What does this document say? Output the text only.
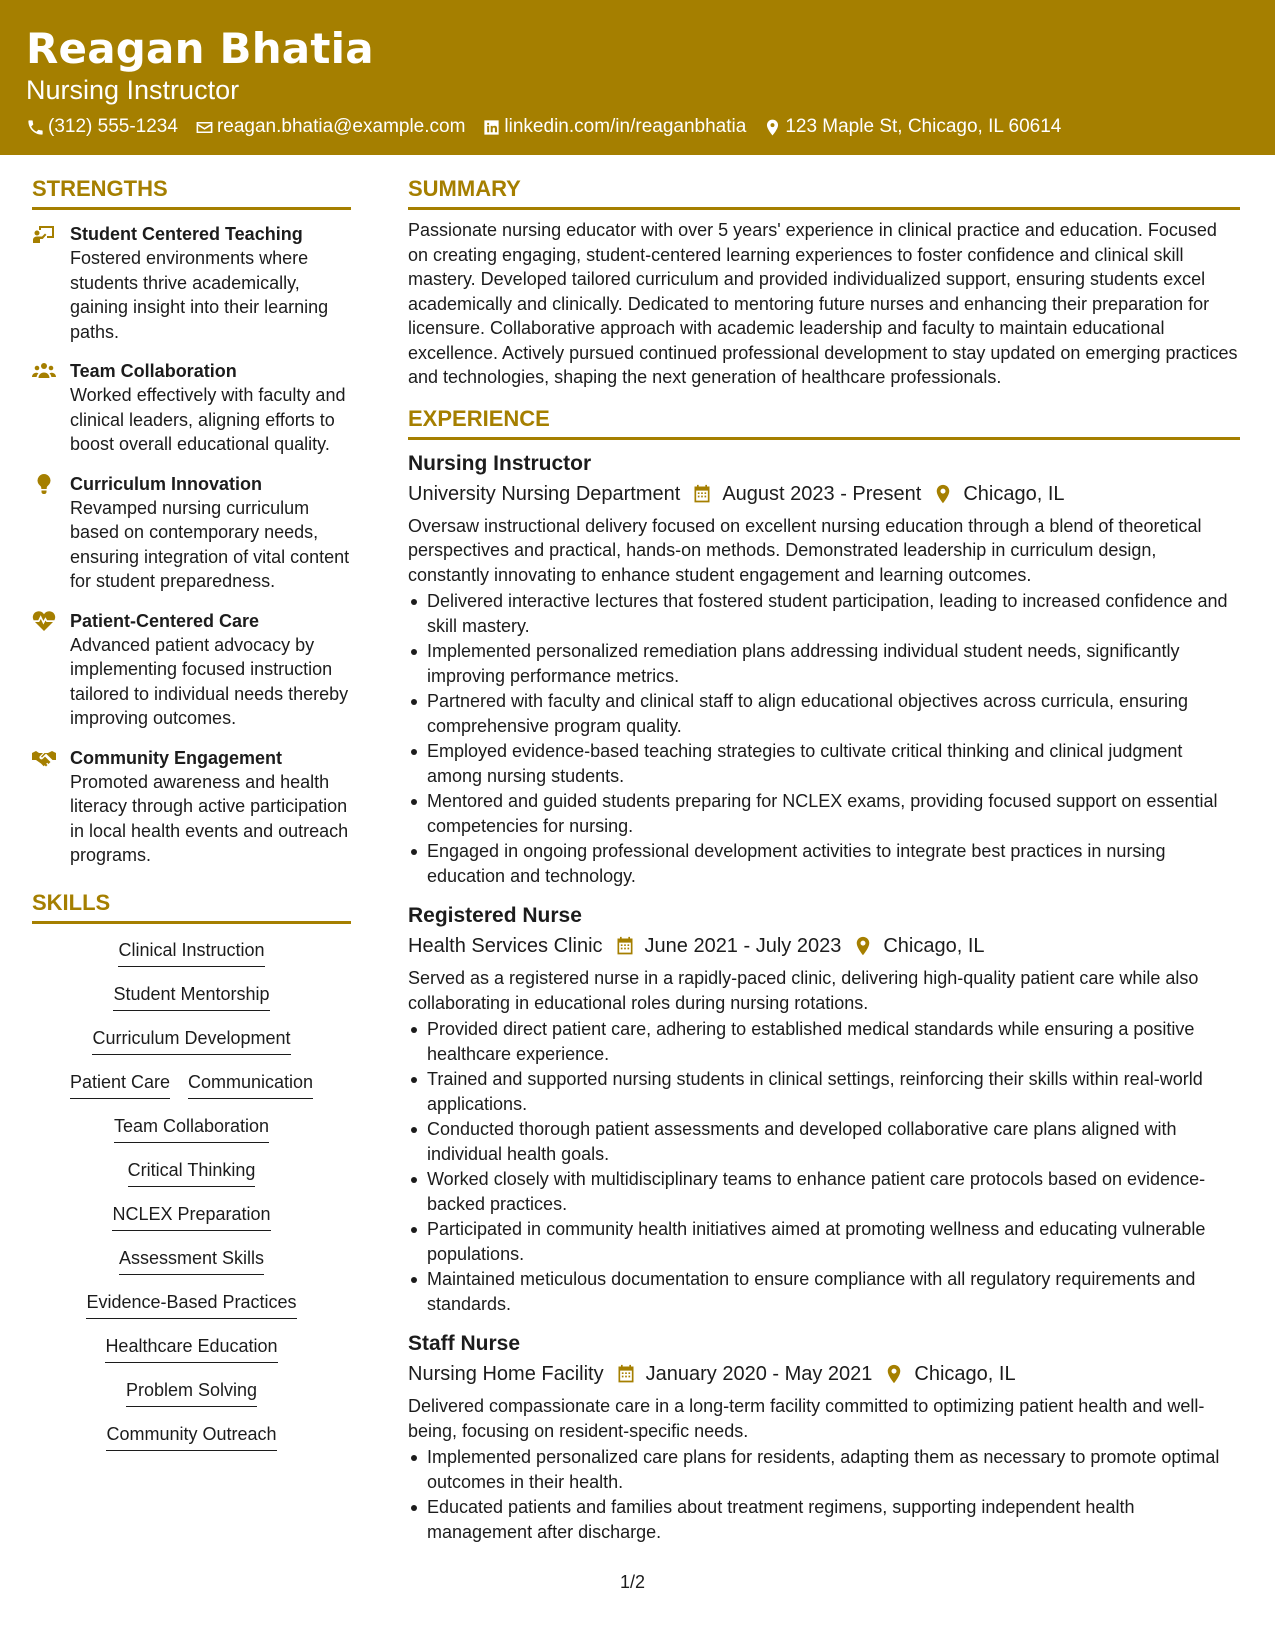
Reagan Bhatia
Nursing Instructor
(312) 555-1234 reagan.bhatia@example.com linkedin.com/in/reaganbhatia 123 Maple St, Chicago, IL 60614
STRENGTHS
Student Centered Teaching
Fostered environments where students thrive academically, gaining insight into their learning paths.
Team Collaboration
Worked effectively with faculty and clinical leaders, aligning efforts to boost overall educational quality.
Curriculum Innovation
Revamped nursing curriculum based on contemporary needs, ensuring integration of vital content for student preparedness.
Patient-Centered Care
Advanced patient advocacy by implementing focused instruction tailored to individual needs thereby improving outcomes.
Community Engagement
Promoted awareness and health literacy through active participation in local health events and outreach programs.
SKILLS
Clinical Instruction
Student Mentorship
Curriculum Development
Patient Care Communication
Team Collaboration
Critical Thinking
NCLEX Preparation
Assessment Skills
Evidence-Based Practices
Healthcare Education
Problem Solving
Community Outreach
SUMMARY

Passionate nursing educator with over 5 years' experience in clinical practice and education. Focused on creating engaging, student-centered learning experiences to foster confidence and clinical skill mastery. Developed tailored curriculum and provided individualized support, ensuring students excel academically and clinically. Dedicated to mentoring future nurses and enhancing their preparation for licensure. Collaborative approach with academic leadership and faculty to maintain educational excellence. Actively pursued continued professional development to stay updated on emerging practices and technologies, shaping the next generation of healthcare professionals.

EXPERIENCE
Nursing Instructor
University Nursing Department August 2023 - Present Chicago, IL

Oversaw instructional delivery focused on excellent nursing education through a blend of theoretical perspectives and practical, hands-on methods. Demonstrated leadership in curriculum design, constantly innovating to enhance student engagement and learning outcomes.

Delivered interactive lectures that fostered student participation, leading to increased confidence and skill mastery.
Implemented personalized remediation plans addressing individual student needs, significantly improving performance metrics.
Partnered with faculty and clinical staff to align educational objectives across curricula, ensuring comprehensive program quality.
Employed evidence-based teaching strategies to cultivate critical thinking and clinical judgment among nursing students.
Mentored and guided students preparing for NCLEX exams, providing focused support on essential competencies for nursing.
Engaged in ongoing professional development activities to integrate best practices in nursing education and technology.
Registered Nurse
Health Services Clinic June 2021 - July 2023 Chicago, IL

Served as a registered nurse in a rapidly-paced clinic, delivering high-quality patient care while also collaborating in educational roles during nursing rotations.

Provided direct patient care, adhering to established medical standards while ensuring a positive healthcare experience.
Trained and supported nursing students in clinical settings, reinforcing their skills within real-world applications.
Conducted thorough patient assessments and developed collaborative care plans aligned with individual health goals.
Worked closely with multidisciplinary teams to enhance patient care protocols based on evidence-backed practices.
Participated in community health initiatives aimed at promoting wellness and educating vulnerable populations.
Maintained meticulous documentation to ensure compliance with all regulatory requirements and standards.
Staff Nurse
Nursing Home Facility January 2020 - May 2021 Chicago, IL

Delivered compassionate care in a long-term facility committed to optimizing patient health and well-being, focusing on resident-specific needs.

Implemented personalized care plans for residents, adapting them as necessary to promote optimal outcomes in their health.
Educated patients and families about treatment regimens, supporting independent health management after discharge.
1/2
